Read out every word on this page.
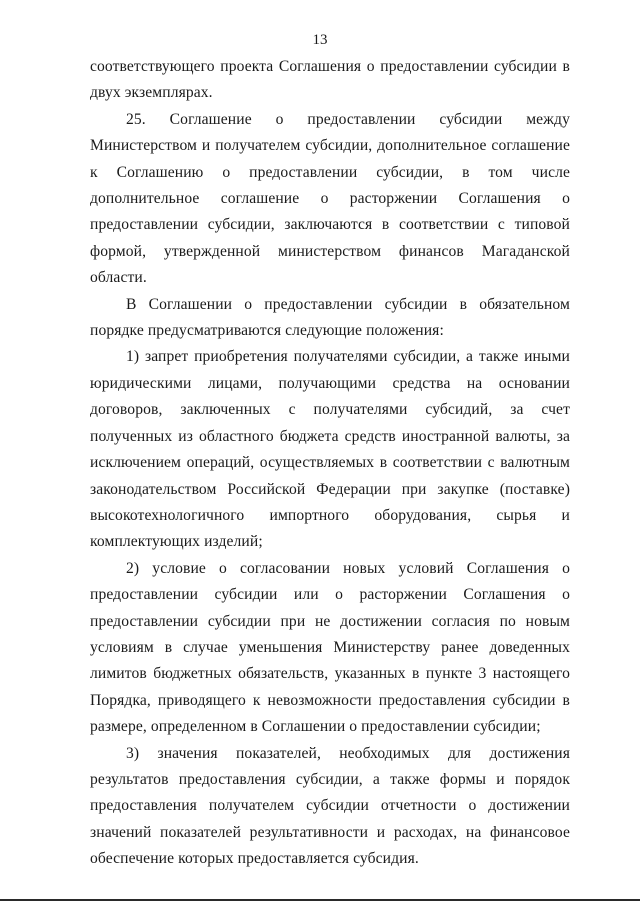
13

соответствующего проекта Соглашения о предоставлении субсидии в двух экземплярах.

25. Соглашение о предоставлении субсидии между Министерством и получателем субсидии, дополнительное соглашение к Соглашению о предоставлении субсидии, в том числе дополнительное соглашение о расторжении Соглашения о предоставлении субсидии, заключаются в соответствии с типовой формой, утвержденной министерством финансов Магаданской области.

В Соглашении о предоставлении субсидии в обязательном порядке предусматриваются следующие положения:

1) запрет приобретения получателями субсидии, а также иными юридическими лицами, получающими средства на основании договоров, заключенных с получателями субсидий, за счет полученных из областного бюджета средств иностранной валюты, за исключением операций, осуществляемых в соответствии с валютным законодательством Российской Федерации при закупке (поставке) высокотехнологичного импортного оборудования, сырья и комплектующих изделий;

2) условие о согласовании новых условий Соглашения о предоставлении субсидии или о расторжении Соглашения о предоставлении субсидии при не достижении согласия по новым условиям в случае уменьшения Министерству ранее доведенных лимитов бюджетных обязательств, указанных в пункте 3 настоящего Порядка, приводящего к невозможности предоставления субсидии в размере, определенном в Соглашении о предоставлении субсидии;

3) значения показателей, необходимых для достижения результатов предоставления субсидии, а также формы и порядок предоставления получателем субсидии отчетности о достижении значений показателей результативности и расходах, на финансовое обеспечение которых предоставляется субсидия.
